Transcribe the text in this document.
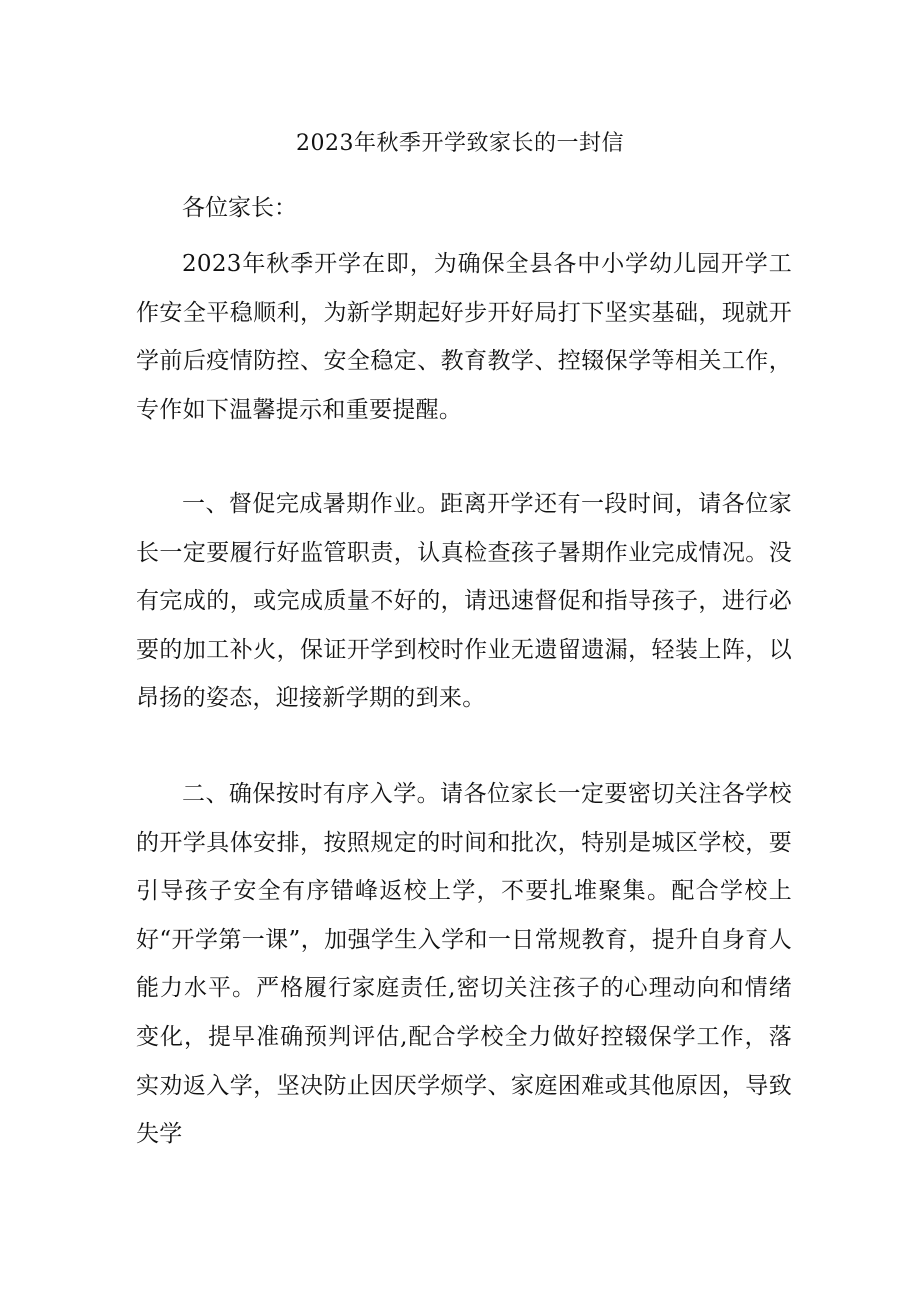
2023年秋季开学致家长的一封信
各位家长：

2023年秋季开学在即，为确保全县各中小学幼儿园开学工作安全平稳顺利，为新学期起好步开好局打下坚实基础，现就开学前后疫情防控、安全稳定、教育教学、控辍保学等相关工作，专作如下温馨提示和重要提醒。

一、督促完成暑期作业。距离开学还有一段时间，请各位家长一定要履行好监管职责，认真检查孩子暑期作业完成情况。没有完成的，或完成质量不好的，请迅速督促和指导孩子，进行必要的加工补火，保证开学到校时作业无遗留遗漏，轻装上阵，以昂扬的姿态，迎接新学期的到来。

二、确保按时有序入学。请各位家长一定要密切关注各学校的开学具体安排，按照规定的时间和批次，特别是城区学校，要引导孩子安全有序错峰返校上学，不要扎堆聚集。配合学校上好“开学第一课”，加强学生入学和一日常规教育，提升自身育人能力水平。严格履行家庭责任,密切关注孩子的心理动向和情绪变化，提早准确预判评估,配合学校全力做好控辍保学工作，落实劝返入学，坚决防止因厌学烦学、家庭困难或其他原因，导致失学
